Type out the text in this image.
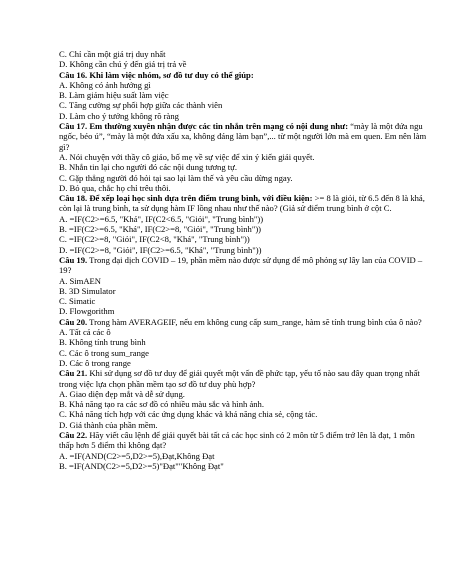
C. Chỉ cần một giá trị duy nhất
D. Không cần chú ý đến giá trị trả về
Câu 16. Khi làm việc nhóm, sơ đồ tư duy có thể giúp:
A. Không có ảnh hưởng gì
B. Làm giảm hiệu suất làm việc
C. Tăng cường sự phối hợp giữa các thành viên
D. Làm cho ý tưởng không rõ ràng
Câu 17. Em thường xuyên nhận được các tin nhắn trên mạng có nội dung như: “mày là một đứa ngu ngốc, béo ú”, “mày là một đứa xấu xa, không đáng làm bạn”,... từ một người lớn mà em quen. Em nên làm gì?
A. Nói chuyện với thầy cô giáo, bố mẹ về sự việc để xin ý kiến giải quyết.
B. Nhắn tin lại cho người đó các nội dung tương tự.
C. Gặp thẳng người đó hỏi tại sao lại làm thế và yêu cầu dừng ngay.
D. Bỏ qua, chắc họ chỉ trêu thôi.
Câu 18. Để xếp loại học sinh dựa trên điểm trung bình, với điều kiện: >= 8 là giỏi, từ 6.5 đến 8 là khá, còn lại là trung bình, ta sử dụng hàm IF lồng nhau như thế nào? (Giả sử điểm trung bình ở cột C.
A. =IF(C2>=6.5, "Khá", IF(C2<6.5, "Giỏi", "Trung bình"))
B. =IF(C2>=6.5, "Khá", IF(C2>=8, "Giỏi", "Trung bình"))
C. =IF(C2>=8, "Giỏi", IF(C2<8, "Khá", "Trung bình"))
D. =IF(C2>=8, "Giỏi", IF(C2>=6.5, "Khá", "Trung bình"))
Câu 19. Trong đại dịch COVID – 19, phần mềm nào được sử dụng để mô phỏng sự lây lan của COVID – 19?
A. SimAEN
B. 3D Simulator
C. Simatic
D. Flowgorithm
Câu 20. Trong hàm AVERAGEIF, nếu em không cung cấp sum_range, hàm sẽ tính trung bình của ô nào?
A. Tất cả các ô
B. Không tính trung bình
C. Các ô trong sum_range
D. Các ô trong range
Câu 21. Khi sử dụng sơ đồ tư duy để giải quyết một vấn đề phức tạp, yếu tố nào sau đây quan trọng nhất trong việc lựa chọn phần mềm tạo sơ đồ tư duy phù hợp?
A. Giao diện đẹp mắt và dễ sử dụng.
B. Khả năng tạo ra các sơ đồ có nhiều màu sắc và hình ảnh.
C. Khả năng tích hợp với các ứng dụng khác và khả năng chia sẻ, cộng tác.
D. Giá thành của phần mềm.
Câu 22. Hãy viết câu lệnh để giải quyết bài tất cả các học sinh có 2 môn từ 5 điểm trở lên là đạt, 1 môn thấp hơn 5 điểm thì không đạt?
A. =IF(AND(C2>=5,D2>=5),Đạt,Không Đạt
B. =IF(AND(C2>=5,D2>=5)"Đạt""Không Đạt"
